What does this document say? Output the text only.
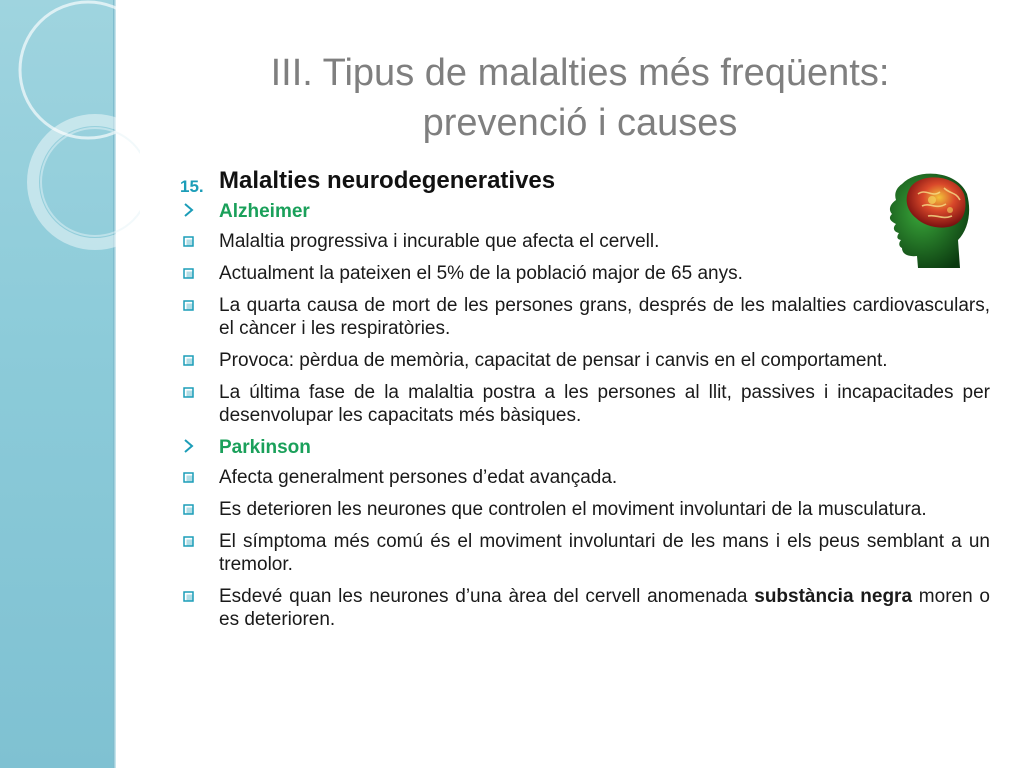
III. Tipus de malalties més freqüents:
prevenció i causes
15. Malalties neurodegeneratives
Alzheimer
Malaltia progressiva i incurable que afecta el cervell.
Actualment la pateixen el 5% de la població major de 65 anys.
La quarta causa de mort de les persones grans, després de les malalties cardiovasculars, el càncer i les respiratòries.
Provoca: pèrdua de memòria, capacitat de pensar i canvis en el comportament.
La última fase de la malaltia postra a les persones al llit, passives i incapacitades per desenvolupar les capacitats més bàsiques.
Parkinson
Afecta generalment persones d’edat avançada.
Es deterioren les neurones que controlen el moviment involuntari de la musculatura.
El símptoma més comú és el moviment involuntari de les mans i els peus semblant a un tremolor.
Esdevé quan les neurones d’una àrea del cervell anomenada substància negra moren o es deterioren.
